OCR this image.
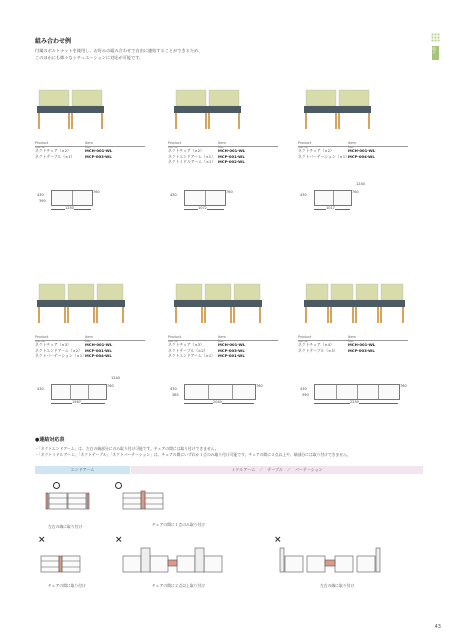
組み合わせ例
付属のボルトナットを使用し、お好みの組み合わせで自由に連結することができるため、
このほかにも様々なシチュエーションに対応が可能です。
椅子
Product name
Item No.
ネクトチェア（×2）	MCH-001-WL
ネクトテーブル（×1）	MCP-003-WL
1250
760
430
390
Product name
Item No.
ネクトチェア（×2）	MCH-001-WL
ネクトエンドアーム（×1） MCP-001-WL
ネクトミドルアーム（×1） MCP-002-WL
1072
760
430
Product name
Item No.
ネクトチェア（×2）	MCH-001-WL
ネクトパーテーション（×1） MCP-004-WL
1017
760
430
1240
Product name
Item No.
ネクトチェア（×3）	MCH-001-WL
ネクトエンドアーム（×2） MCP-001-WL
ネクトパーテーション（×1） MCP-004-WL
1567
760
430
1240
Product name
Item No.
ネクトチェア（×3）	MCH-001-WL
ネクトテーブル（×2）	MCP-003-WL
ネクトエンドアーム（×1） MCP-001-WL
2040
760
430
385
Product name
Item No.
ネクトチェア（×4）	MCH-001-WL
ネクトテーブル（×3）	MCP-003-WL
2250
760
430
390
●連結対応表
・「ネクトエンドアーム」は、左右の端部分にのみ取り付け可能です。チェアの間には取り付けできません。
・「ネクトミドルアーム」「ネクトテーブル」「ネクトパーテーション」は、チェアの間にいずれか１点のみ取り付け可能です。チェアの間に２点以上や、端部分には取り付けできません。
エンドアーム	ミドルアーム　／　テーブル　／　パーテーション
×	×	×
左右の端に取り付け	チェアの間に１点のみ取り付け
チェアの間に取り付け	チェアの間に２点以上取り付け	左右の端に取り付け
43
